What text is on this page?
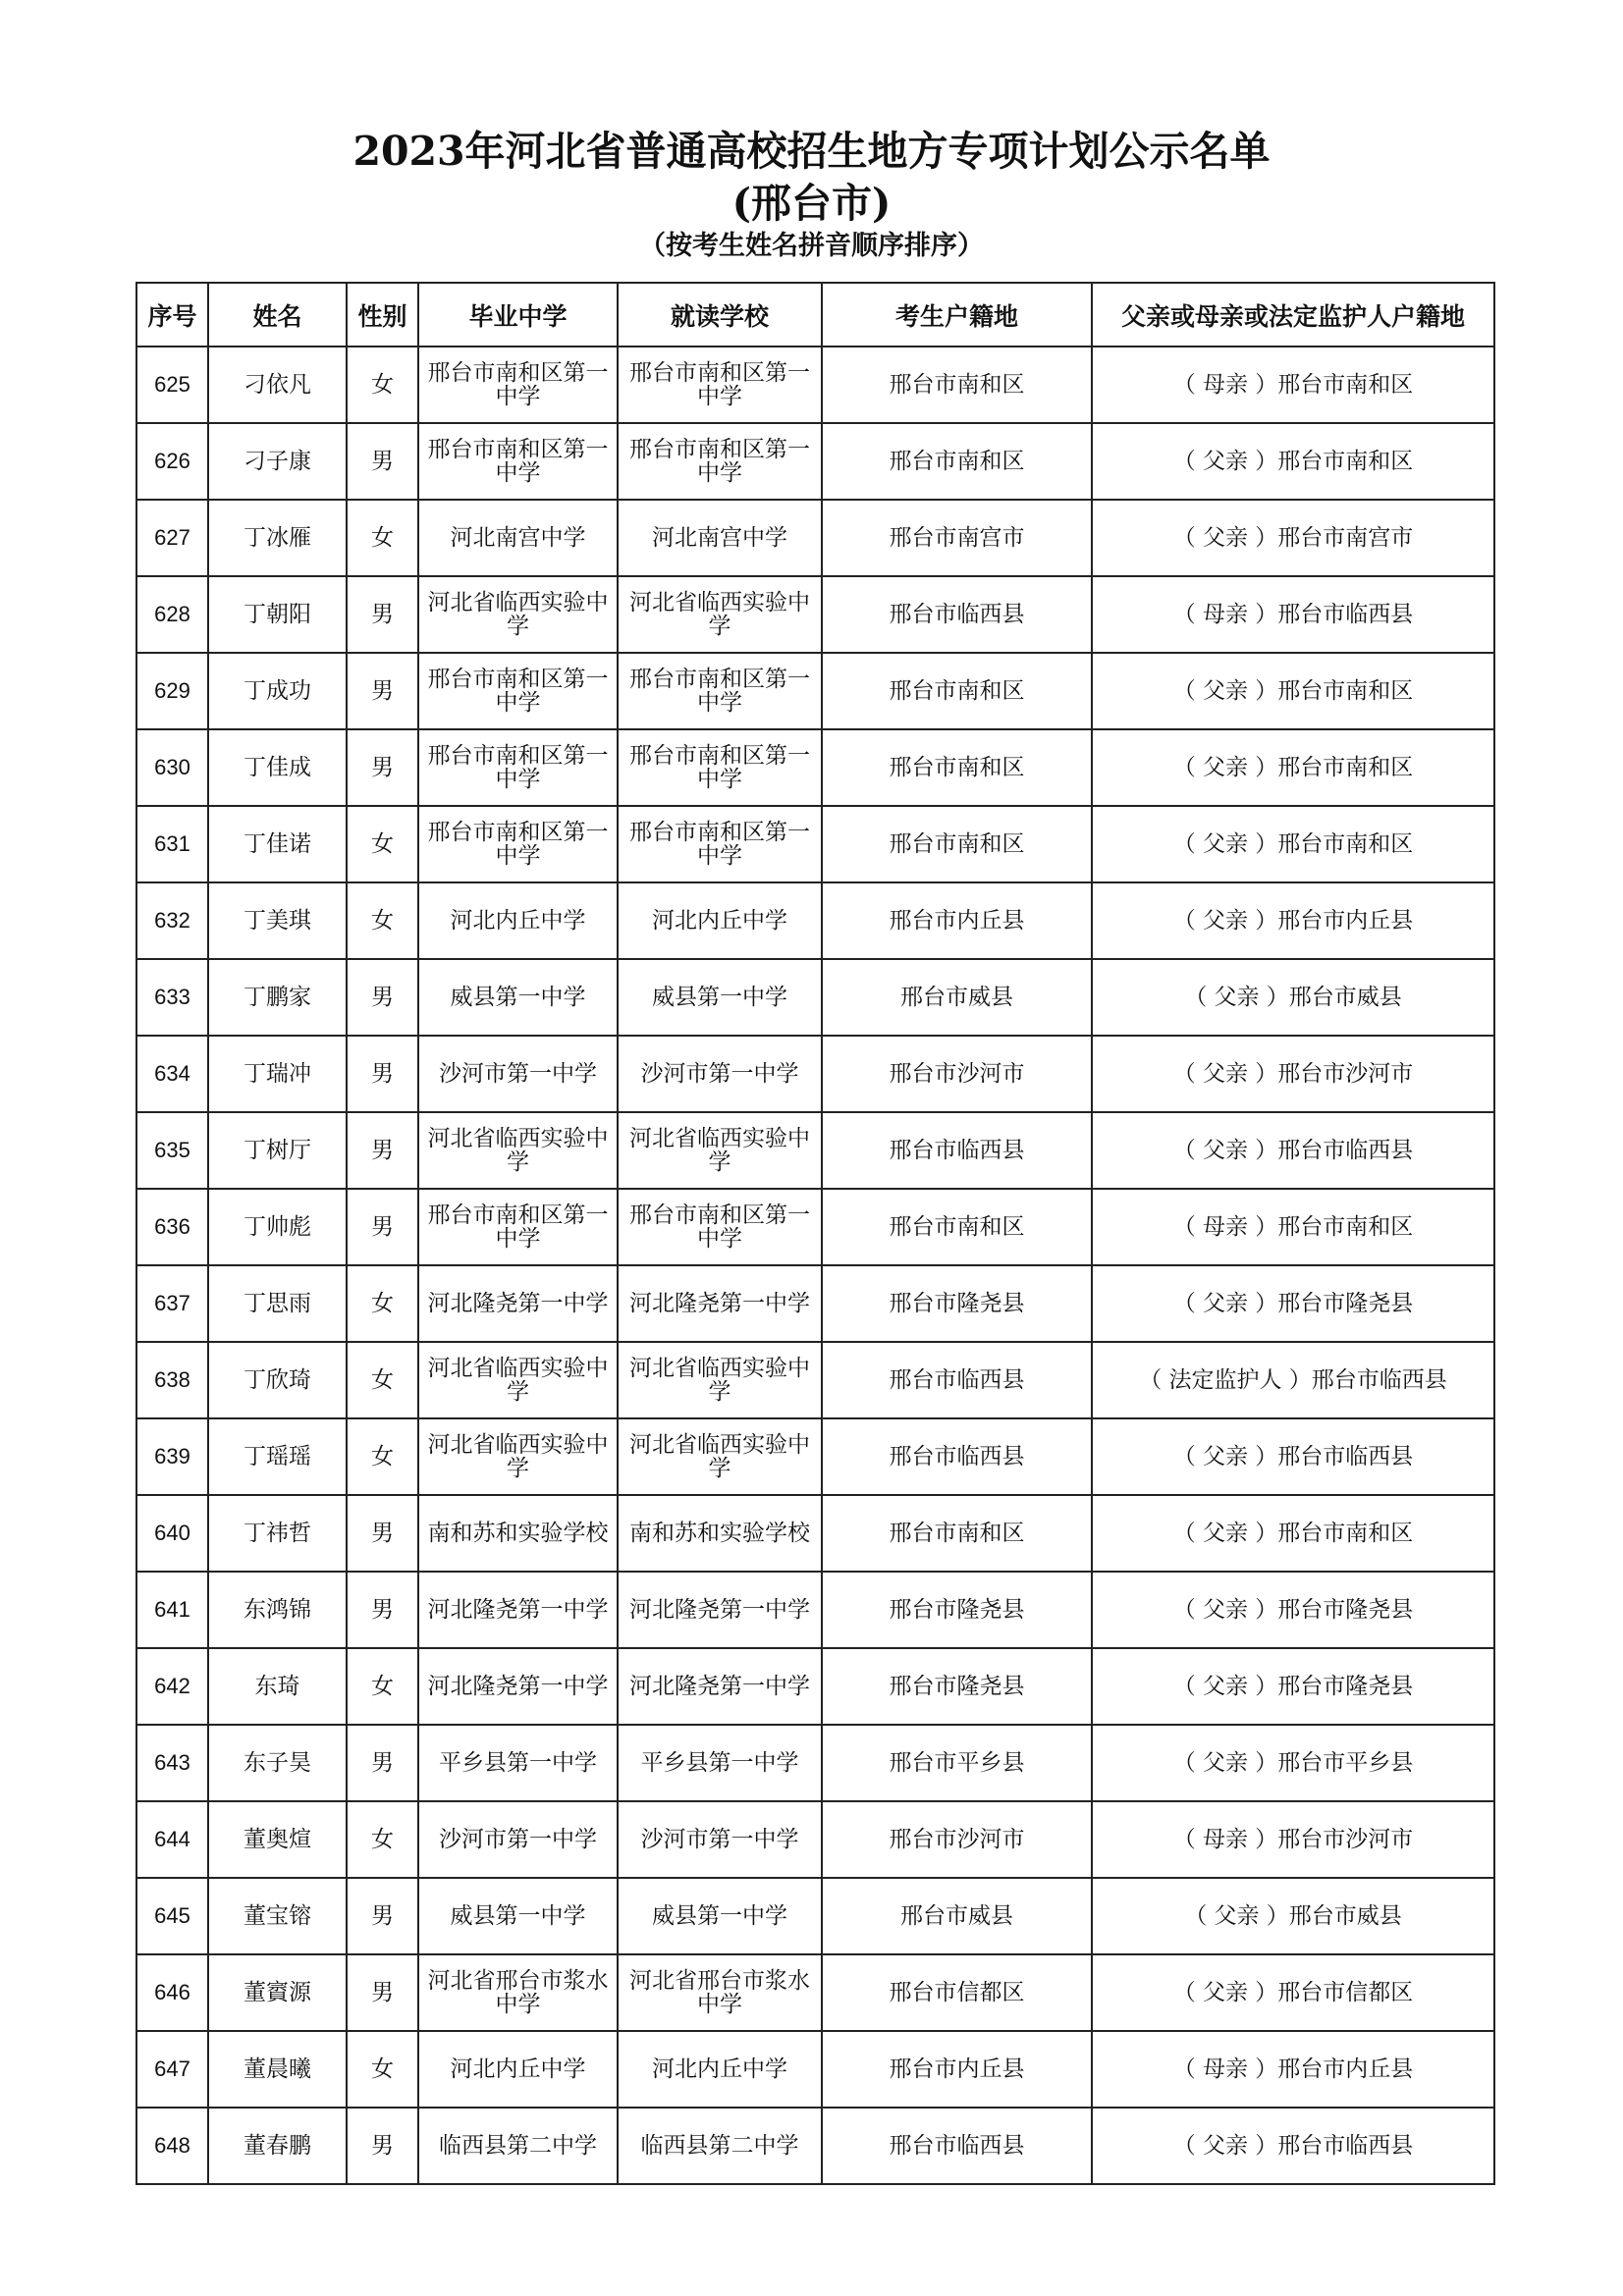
2023年河北省普通高校招生地方专项计划公示名单
(邢台市)
（按考生姓名拼音顺序排序）
序号	姓名	性别	毕业中学	就读学校	考生户籍地	父亲或母亲或法定监护人户籍地
625	刁依凡	女	邢台市南和区第一中学	邢台市南和区第一中学	邢台市南和区	（ 母亲 ）邢台市南和区
626	刁子康	男	邢台市南和区第一中学	邢台市南和区第一中学	邢台市南和区	（ 父亲 ）邢台市南和区
627	丁冰雁	女	河北南宫中学	河北南宫中学	邢台市南宫市	（ 父亲 ）邢台市南宫市
628	丁朝阳	男	河北省临西实验中学	河北省临西实验中学	邢台市临西县	（ 母亲 ）邢台市临西县
629	丁成功	男	邢台市南和区第一中学	邢台市南和区第一中学	邢台市南和区	（ 父亲 ）邢台市南和区
630	丁佳成	男	邢台市南和区第一中学	邢台市南和区第一中学	邢台市南和区	（ 父亲 ）邢台市南和区
631	丁佳诺	女	邢台市南和区第一中学	邢台市南和区第一中学	邢台市南和区	（ 父亲 ）邢台市南和区
632	丁美琪	女	河北内丘中学	河北内丘中学	邢台市内丘县	（ 父亲 ）邢台市内丘县
633	丁鹏家	男	威县第一中学	威县第一中学	邢台市威县	（ 父亲 ）邢台市威县
634	丁瑞冲	男	沙河市第一中学	沙河市第一中学	邢台市沙河市	（ 父亲 ）邢台市沙河市
635	丁树厅	男	河北省临西实验中学	河北省临西实验中学	邢台市临西县	（ 父亲 ）邢台市临西县
636	丁帅彪	男	邢台市南和区第一中学	邢台市南和区第一中学	邢台市南和区	（ 母亲 ）邢台市南和区
637	丁思雨	女	河北隆尧第一中学	河北隆尧第一中学	邢台市隆尧县	（ 父亲 ）邢台市隆尧县
638	丁欣琦	女	河北省临西实验中学	河北省临西实验中学	邢台市临西县	（ 法定监护人 ）邢台市临西县
639	丁瑶瑶	女	河北省临西实验中学	河北省临西实验中学	邢台市临西县	（ 父亲 ）邢台市临西县
640	丁祎哲	男	南和苏和实验学校	南和苏和实验学校	邢台市南和区	（ 父亲 ）邢台市南和区
641	东鸿锦	男	河北隆尧第一中学	河北隆尧第一中学	邢台市隆尧县	（ 父亲 ）邢台市隆尧县
642	东琦	女	河北隆尧第一中学	河北隆尧第一中学	邢台市隆尧县	（ 父亲 ）邢台市隆尧县
643	东子昊	男	平乡县第一中学	平乡县第一中学	邢台市平乡县	（ 父亲 ）邢台市平乡县
644	董奥煊	女	沙河市第一中学	沙河市第一中学	邢台市沙河市	（ 母亲 ）邢台市沙河市
645	董宝镕	男	威县第一中学	威县第一中学	邢台市威县	（ 父亲 ）邢台市威县
646	董賨源	男	河北省邢台市浆水中学	河北省邢台市浆水中学	邢台市信都区	（ 父亲 ）邢台市信都区
647	董晨曦	女	河北内丘中学	河北内丘中学	邢台市内丘县	（ 母亲 ）邢台市内丘县
648	董春鹏	男	临西县第二中学	临西县第二中学	邢台市临西县	（ 父亲 ）邢台市临西县
